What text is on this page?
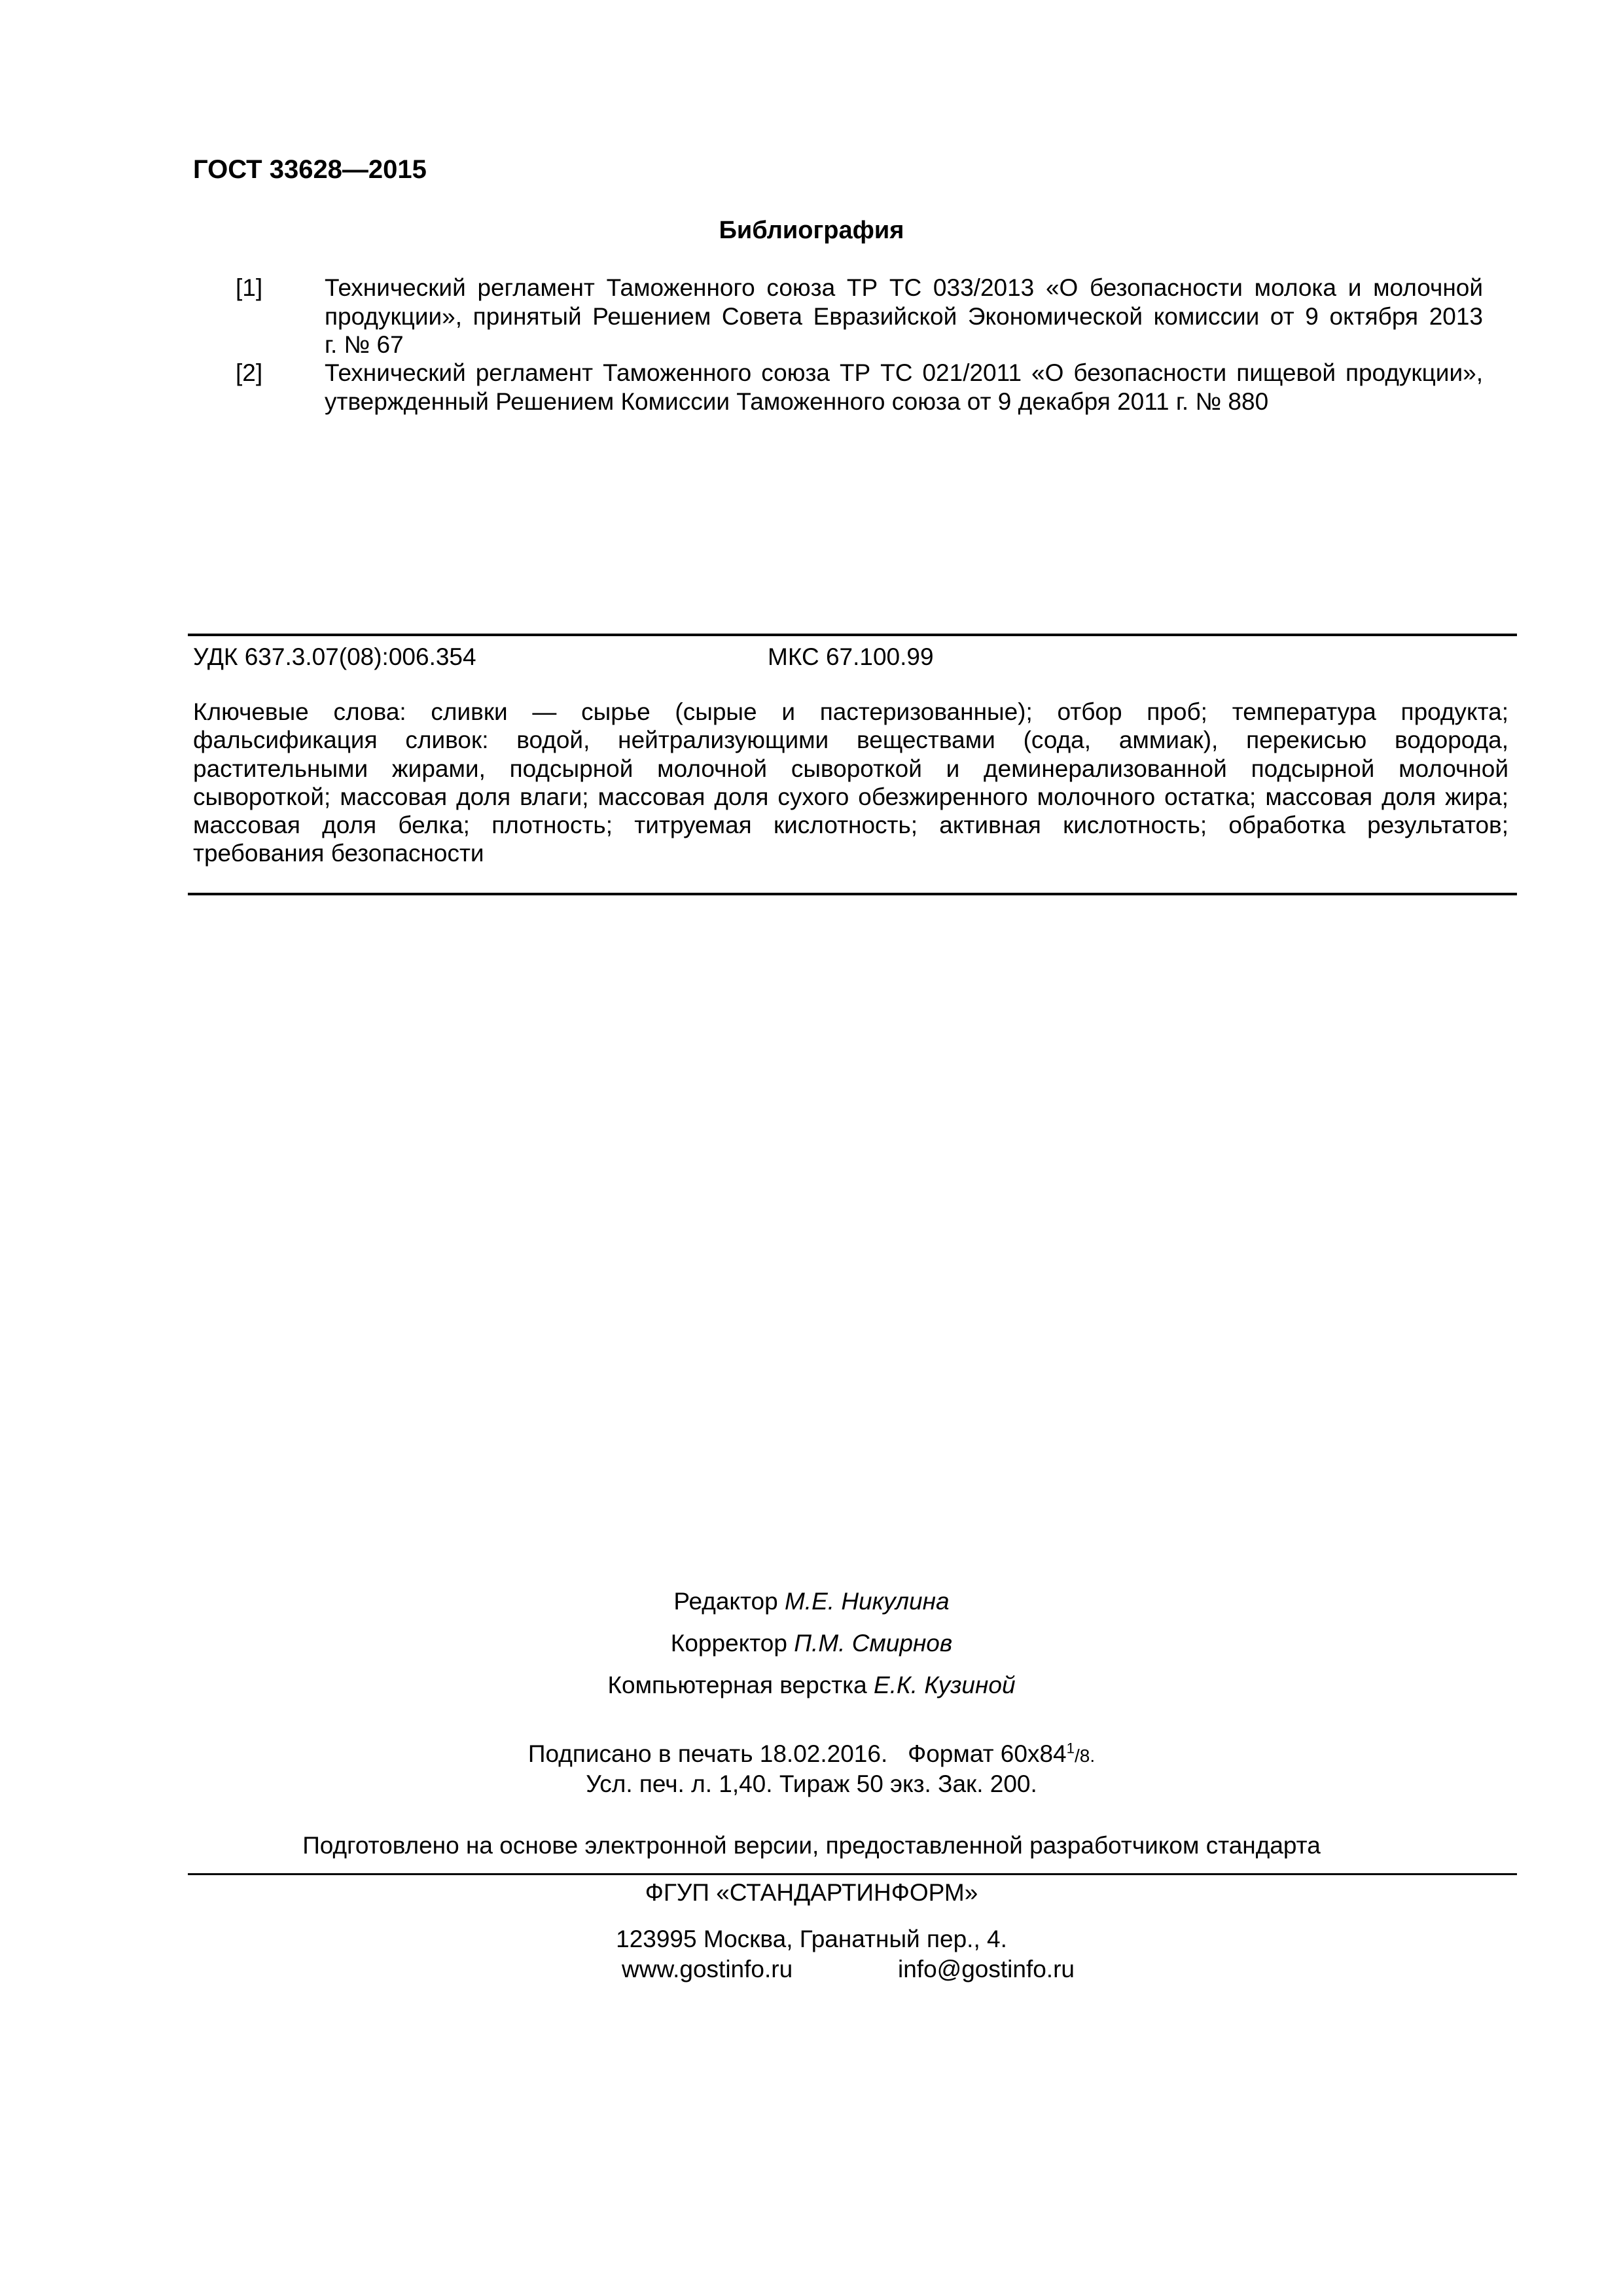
ГОСТ 33628—2015
Библиография
[1]	Технический регламент Таможенного союза ТР ТС 033/2013 «О безопасности молока и молочной
продукции», принятый Решением Совета Евразийской Экономической комиссии от 9 октября 2013
г. № 67
[2]	Технический регламент Таможенного союза ТР ТС 021/2011 «О безопасности пищевой продукции»,
утвержденный Решением Комиссии Таможенного союза от 9 декабря 2011 г. № 880
УДК 637.3.07(08):006.354	МКС 67.100.99
Ключевые слова: сливки — сырье (сырые и пастеризованные); отбор проб; температура продукта;
фальсификация сливок: водой, нейтрализующими веществами (сода, аммиак), перекисью водорода,
растительными жирами, подсырной молочной сывороткой и деминерализованной подсырной молочной
сывороткой; массовая доля влаги; массовая доля сухого обезжиренного молочного остатка; массовая доля жира;
массовая доля белка; плотность; титруемая кислотность; активная кислотность; обработка результатов;
требования безопасности
Редактор М.Е. Никулина
Корректор П.М. Смирнов
Компьютерная верстка Е.К. Кузиной
Подписано в печать 18.02.2016. Формат $60x84^1/8$.
Усл. печ. л. 1,40. Тираж 50 экз. Зак. 200.
Подготовлено на основе электронной версии, предоставленной разработчиком стандарта
ФГУП «СТАНДАРТИНФОРМ»
123995 Москва, Гранатный пер., 4.
www.gostinfo.ru	info@gostinfo.ru
